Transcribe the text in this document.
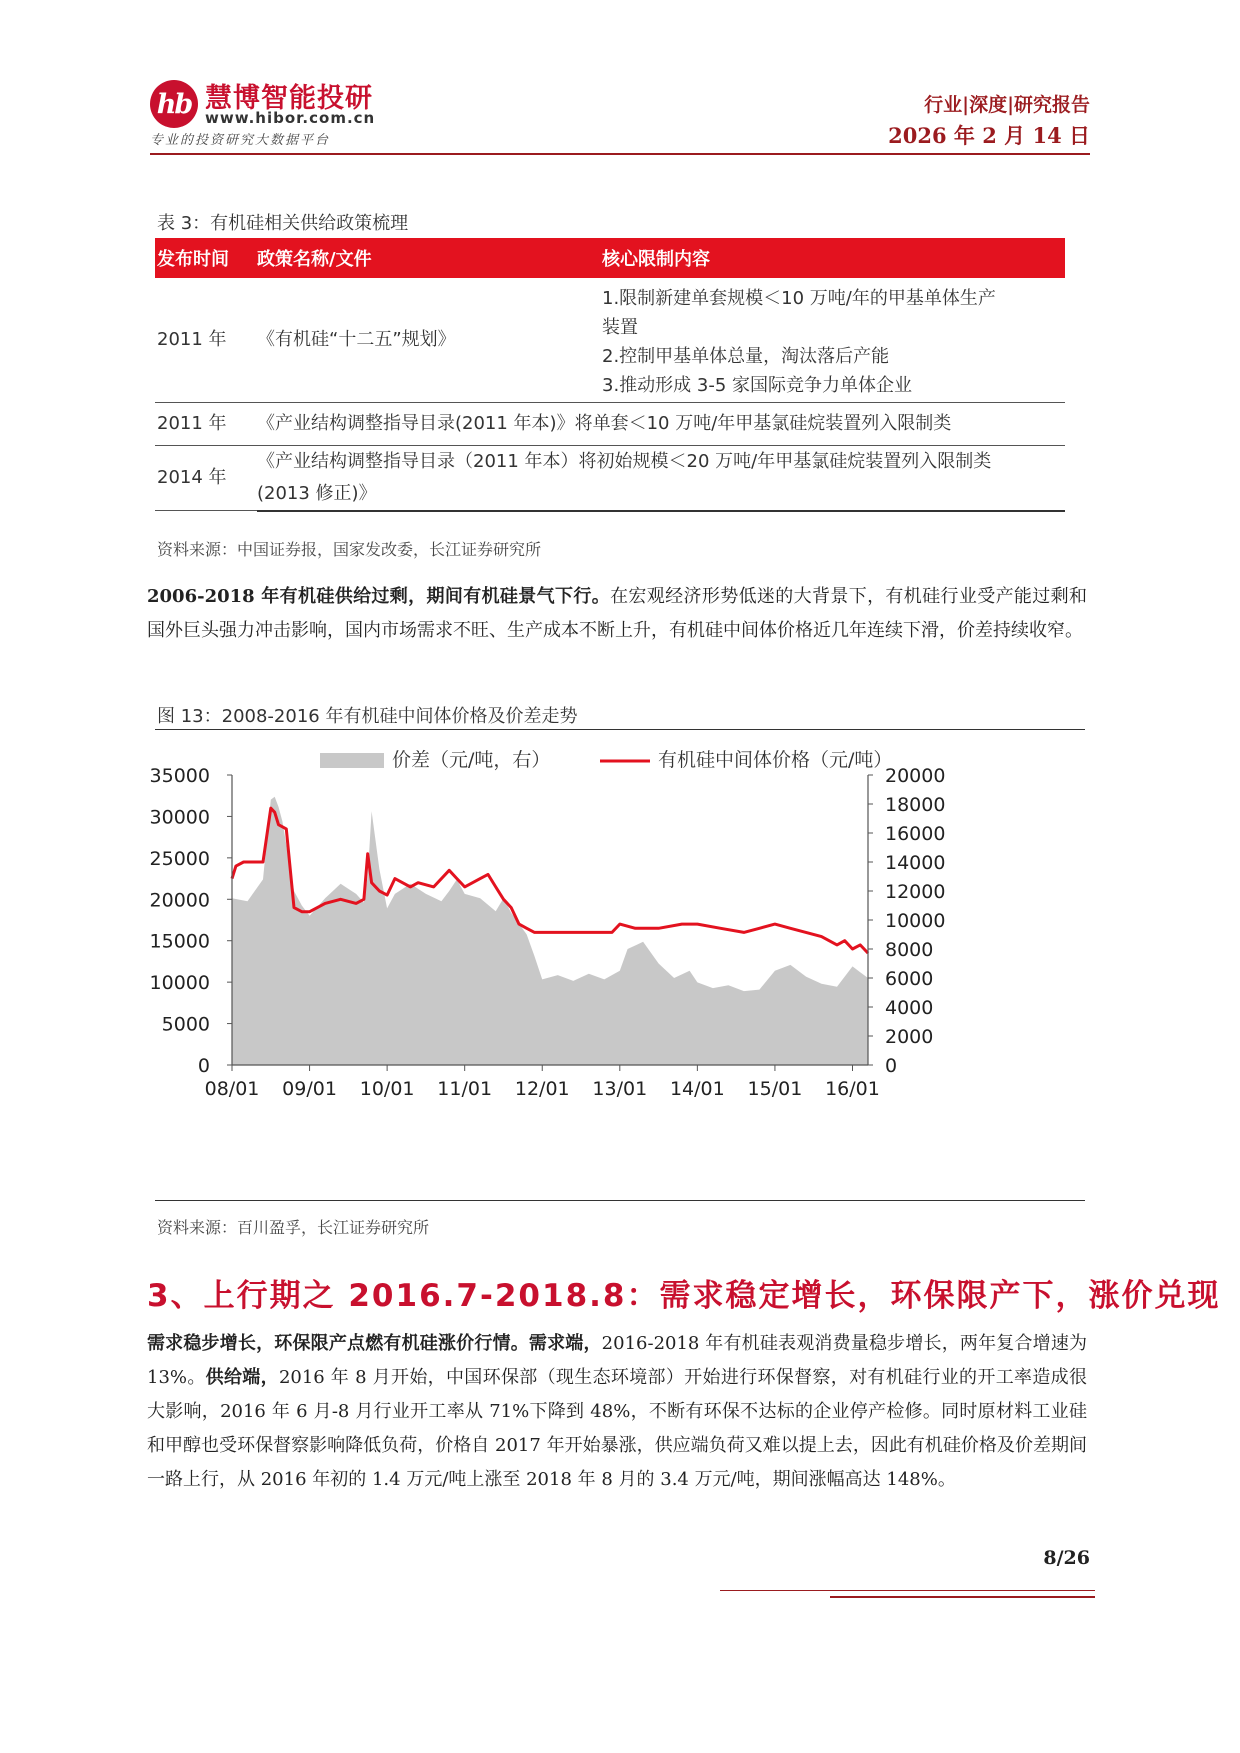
hb 慧博智能投研
www.hibor.com.cn
专业的投资研究大数据平台
行业|深度|研究报告
2026 年 2 月 14 日
表 3：有机硅相关供给政策梳理
发布时间	政策名称/文件	核心限制内容
2011 年	《有机硅“十二五”规划》	1.限制新建单套规模＜10 万吨/年的甲基单体生产
装置
2.控制甲基单体总量，淘汰落后产能
3.推动形成 3-5 家国际竞争力单体企业

2011 年	《产业结构调整指导目录(2011 年本)》将单套＜10 万吨/年甲基氯硅烷装置列入限制类	
2014 年	《产业结构调整指导目录（2011 年本）将初始规模＜20 万吨/年甲基氯硅烷装置列入限制类	
	(2013 修正)》	
资料来源：中国证券报，国家发改委，长江证券研究所
2006-2018 年有机硅供给过剩，期间有机硅景气下行。在宏观经济形势低迷的大背景下，有机硅行业受产能过剩和国外巨头强力冲击影响，国内市场需求不旺、生产成本不断上升，有机硅中间体价格近几年连续下滑，价差持续收窄。
图 13：2008-2016 年有机硅中间体价格及价差走势
价差（元/吨，右）	有机硅中间体价格（元/吨）
0
5000
10000
15000
20000
25000
30000
35000
0
2000
4000
6000
8000
10000
12000
14000
16000
18000
20000
08/01 09/01 10/01 11/01 12/01 13/01 14/01 15/01 16/01
资料来源：百川盈孚，长江证券研究所
3、上行期之 2016.7-2018.8：需求稳定增长，环保限产下，涨价兑现
需求稳步增长，环保限产点燃有机硅涨价行情。需求端，2016-2018 年有机硅表观消费量稳步增长，两年复合增速为 13%。供给端，2016 年 8 月开始，中国环保部（现生态环境部）开始进行环保督察，对有机硅行业的开工率造成很大影响，2016 年 6 月-8 月行业开工率从 71%下降到 48%，不断有环保不达标的企业停产检修。同时原材料工业硅和甲醇也受环保督察影响降低负荷，价格自 2017 年开始暴涨，供应端负荷又难以提上去，因此有机硅价格及价差期间一路上行，从 2016 年初的 1.4 万元/吨上涨至 2018 年 8 月的 3.4 万元/吨，期间涨幅高达 148%。
8/26
